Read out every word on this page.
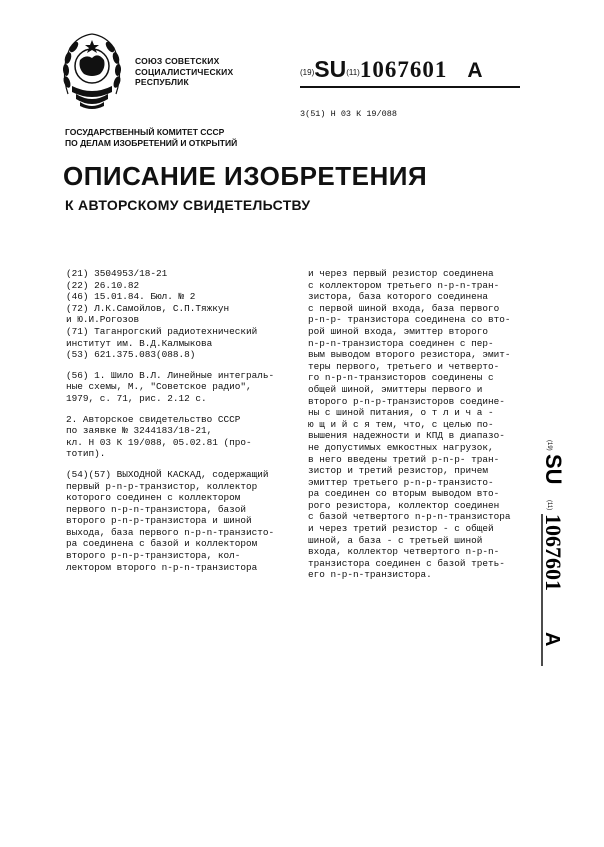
СОЮЗ СОВЕТСКИХ
СОЦИАЛИСТИЧЕСКИХ
РЕСПУБЛИК
(19)SU(11)1067601 A
3(51) Н 03 К 19/088
ГОСУДАРСТВЕННЫЙ КОМИТЕТ СССР
ПО ДЕЛАМ ИЗОБРЕТЕНИЙ И ОТКРЫТИЙ
ОПИСАНИЕ ИЗОБРЕТЕНИЯ
К АВТОРСКОМУ СВИДЕТЕЛЬСТВУ
(21) 3504953/18-21
(22) 26.10.82
(46) 15.01.84. Бюл. № 2
(72) Л.К.Самойлов, С.П.Тяжкун
и Ю.И.Рогозов
(71) Таганрогский радиотехнический
институт им. В.Д.Калмыкова
(53) 621.375.083(088.8)
(56) 1. Шило В.Л. Линейные интеграль-
ные схемы, М., "Советское радио",
1979, с. 71, рис. 2.12 с.
2. Авторское свидетельство СССР
по заявке № 3244183/18-21,
кл. Н 03 К 19/088, 05.02.81 (про-
тотип).
(54)(57) ВЫХОДНОЙ КАСКАД, содержащий
первый р-n-р-транзистор, коллектор
которого соединен с коллектором
первого n-р-n-транзистора, базой
второго р-n-р-транзистора и шиной
выхода, база первого n-р-n-транзисто-
ра соединена с базой и коллектором
второго р-n-р-транзистора, кол-
лектором второго n-р-n-транзистора
и через первый резистор соединена
с коллектором третьего n-р-n-тран-
зистора, база которого соединена
с первой шиной входа, база первого
р-n-р- транзистора соединена со вто-
рой шиной входа, эмиттер второго
n-р-n-транзистора соединен с пер-
вым выводом второго резистора, эмит-
теры первого, третьего и четверто-
го n-р-n-транзисторов соединены с
общей шиной, эмиттеры первого и
второго р-n-р-транзисторов соедине-
ны с шиной питания, о т л и ч а -
ю щ и й с я тем, что, с целью по-
вышения надежности и КПД в диапазо-
не допустимых емкостных нагрузок,
в него введены третий р-n-р- тран-
зистор и третий резистор, причем
эмиттер третьего р-n-р-транзисто-
ра соединен со вторым выводом вто-
рого резистора, коллектор соединен
с базой четвертого n-р-n-транзистора
и через третий резистор - с общей
шиной, а база - с третьей шиной
входа, коллектор четвертого n-р-n-
транзистора соединен с базой треть-
его n-р-n-транзистора.
(19)
SU
(11)
1067601
A
